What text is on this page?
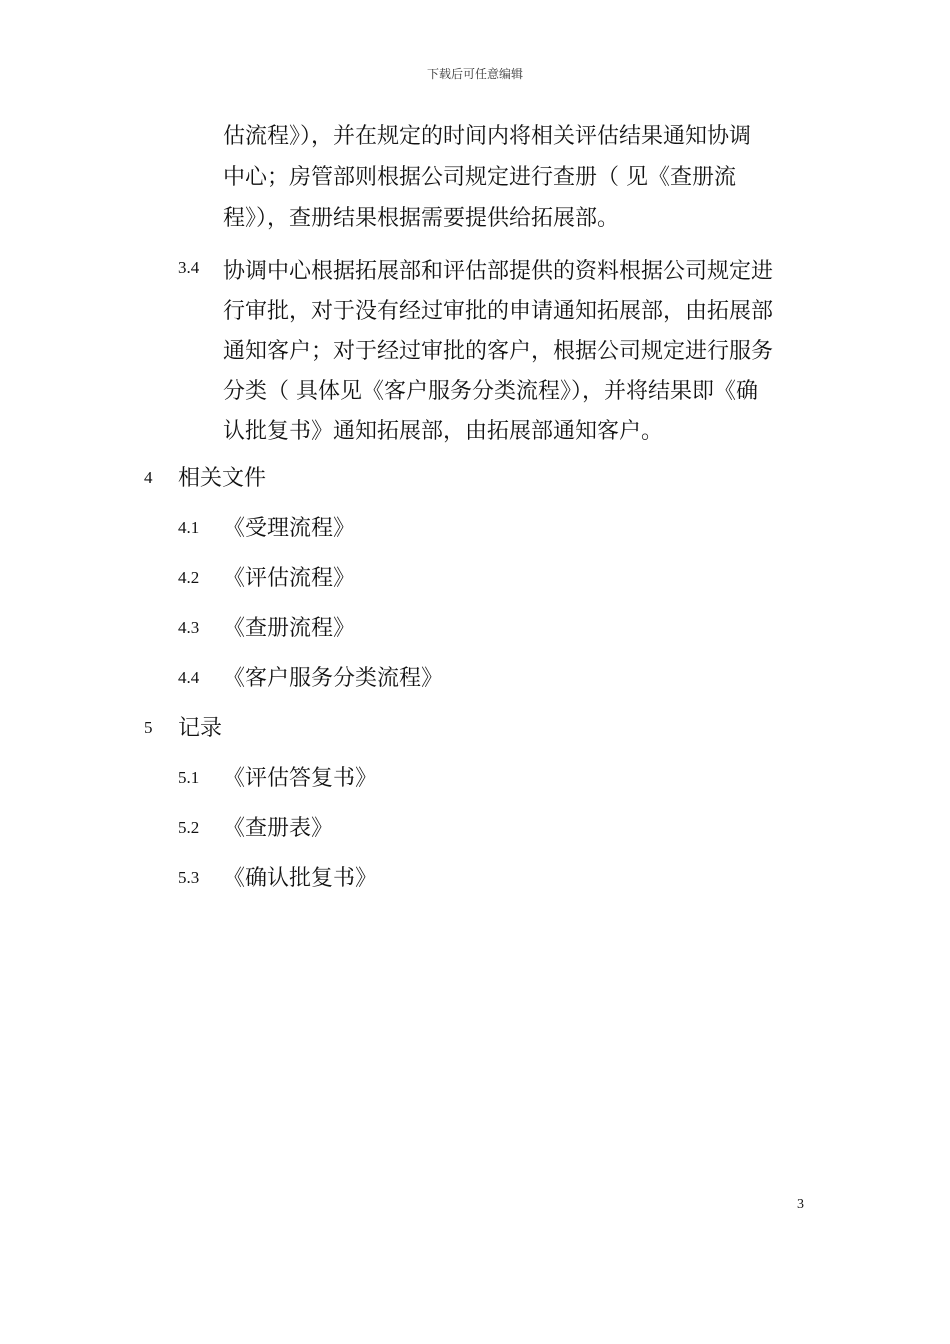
下载后可任意编辑
估流程》），并在规定的时间内将相关评估结果通知协调
中心；房管部则根据公司规定进行查册（ 见《查册流
程》），查册结果根据需要提供给拓展部。
3.4 协调中心根据拓展部和评估部提供的资料根据公司规定进
行审批，对于没有经过审批的申请通知拓展部，由拓展部
通知客户；对于经过审批的客户，根据公司规定进行服务
分类（ 具体见《客户服务分类流程》），并将结果即《确
认批复书》通知拓展部，由拓展部通知客户。
4 相关文件
4.1 《受理流程》
4.2 《评估流程》
4.3 《查册流程》
4.4 《客户服务分类流程》
5 记录
5.1 《评估答复书》
5.2 《查册表》
5.3 《确认批复书》
3
